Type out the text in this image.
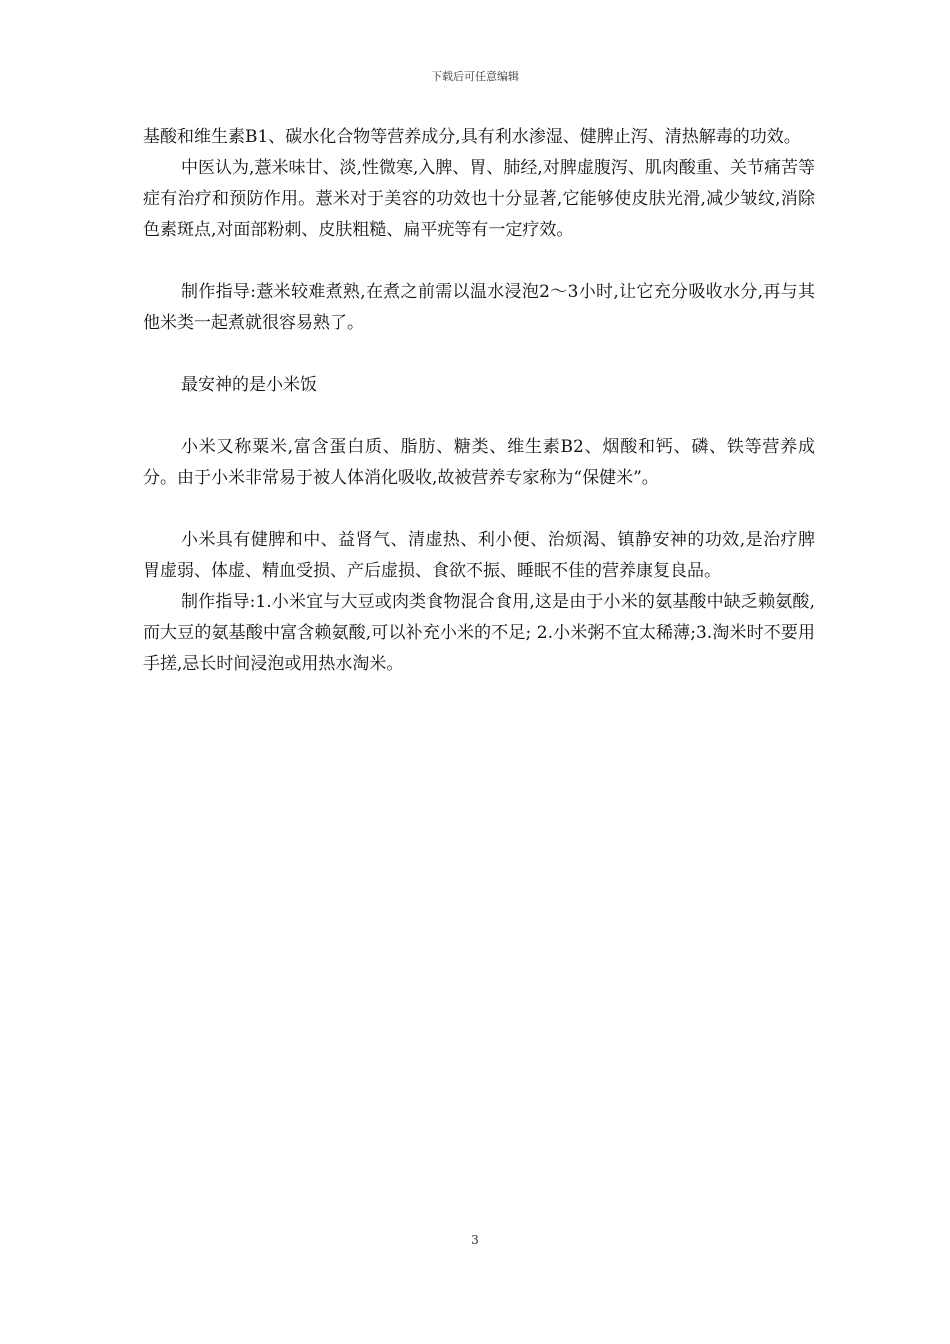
下载后可任意编辑

基酸和维生素B1、碳水化合物等营养成分,具有利水渗湿、健脾止泻、清热解毒的功效。

中医认为,薏米味甘、淡,性微寒,入脾、胃、肺经,对脾虚腹泻、肌肉酸重、关节痛苦等症有治疗和预防作用。薏米对于美容的功效也十分显著,它能够使皮肤光滑,减少皱纹,消除色素斑点,对面部粉刺、皮肤粗糙、扁平疣等有一定疗效。

制作指导:薏米较难煮熟,在煮之前需以温水浸泡2～3小时,让它充分吸收水分,再与其他米类一起煮就很容易熟了。

最安神的是小米饭

小米又称粟米,富含蛋白质、脂肪、糖类、维生素B2、烟酸和钙、磷、铁等营养成分。由于小米非常易于被人体消化吸收,故被营养专家称为“保健米”。

小米具有健脾和中、益肾气、清虚热、利小便、治烦渴、镇静安神的功效,是治疗脾胃虚弱、体虚、精血受损、产后虚损、食欲不振、睡眠不佳的营养康复良品。

制作指导:1.小米宜与大豆或肉类食物混合食用,这是由于小米的氨基酸中缺乏赖氨酸,而大豆的氨基酸中富含赖氨酸,可以补充小米的不足; 2.小米粥不宜太稀薄;3.淘米时不要用手搓,忌长时间浸泡或用热水淘米。

3
